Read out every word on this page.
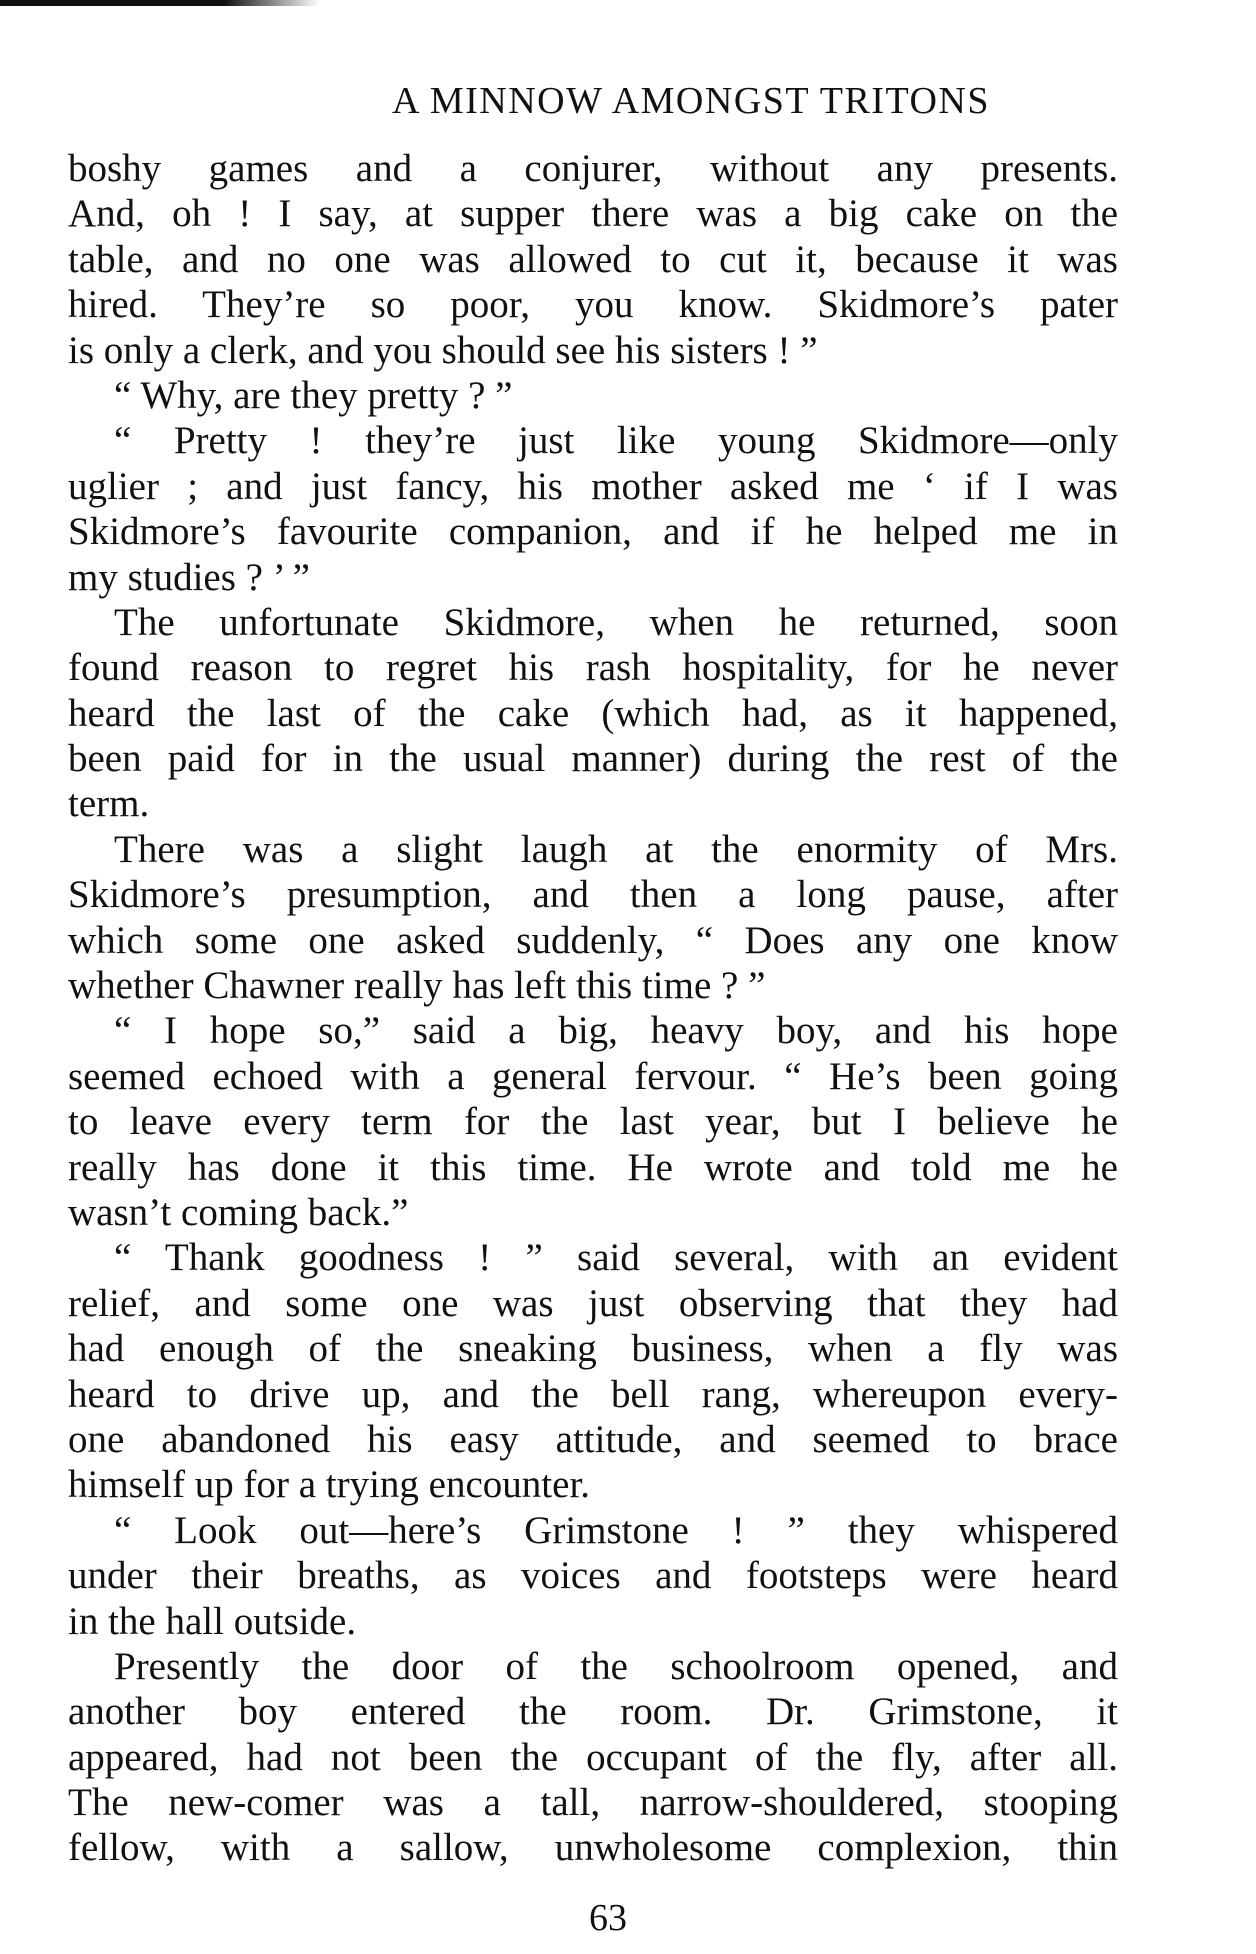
A MINNOW AMONGST TRITONS
boshy games and a conjurer, without any presents.
And, oh ! I say, at supper there was a big cake on the
table, and no one was allowed to cut it, because it was
hired. They’re so poor, you know. Skidmore’s pater
is only a clerk, and you should see his sisters ! ”
“ Why, are they pretty ? ”
“ Pretty ! they’re just like young Skidmore—only
uglier ; and just fancy, his mother asked me ‘ if I was
Skidmore’s favourite companion, and if he helped me in
my studies ? ’ ”
The unfortunate Skidmore, when he returned, soon
found reason to regret his rash hospitality, for he never
heard the last of the cake (which had, as it happened,
been paid for in the usual manner) during the rest of the
term.
There was a slight laugh at the enormity of Mrs.
Skidmore’s presumption, and then a long pause, after
which some one asked suddenly, “ Does any one know
whether Chawner really has left this time ? ”
“ I hope so,” said a big, heavy boy, and his hope
seemed echoed with a general fervour. “ He’s been going
to leave every term for the last year, but I believe he
really has done it this time. He wrote and told me he
wasn’t coming back.”
“ Thank goodness ! ” said several, with an evident
relief, and some one was just observing that they had
had enough of the sneaking business, when a fly was
heard to drive up, and the bell rang, whereupon every-
one abandoned his easy attitude, and seemed to brace
himself up for a trying encounter.
“ Look out—here’s Grimstone ! ” they whispered
under their breaths, as voices and footsteps were heard
in the hall outside.
Presently the door of the schoolroom opened, and
another boy entered the room. Dr. Grimstone, it
appeared, had not been the occupant of the fly, after all.
The new-comer was a tall, narrow-shouldered, stooping
fellow, with a sallow, unwholesome complexion, thin
63
